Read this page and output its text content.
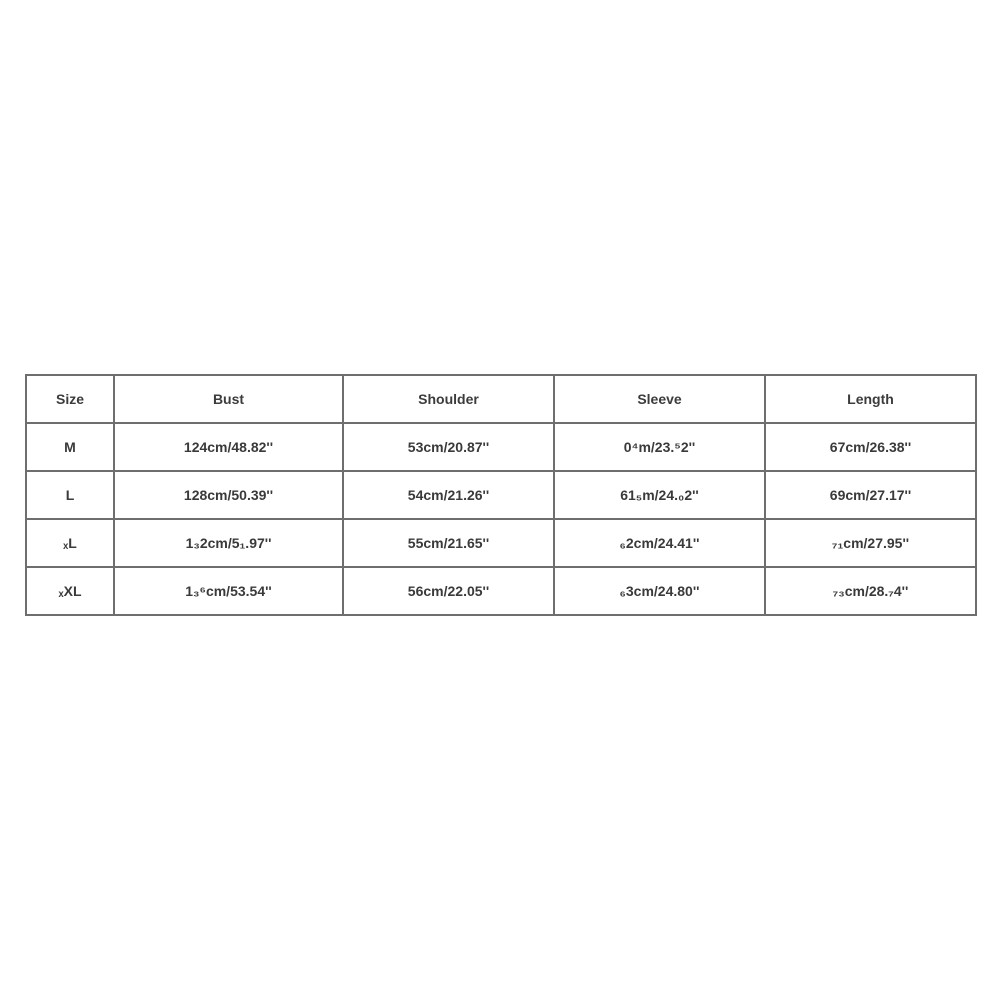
Size	Bust	Shoulder	Sleeve	Length
M	124cm/48.82''	53cm/20.87''	0⁴m/23.⁵2''	67cm/26.38''
L	128cm/50.39''	54cm/21.26''	61₅m/24.₀2''	69cm/27.17''
ₓL	1₃2cm/5₁.97''	55cm/21.65''	₆2cm/24.41''	₇₁cm/27.95''
ₓXL	1₃⁶cm/53.54''	56cm/22.05''	₆3cm/24.80''	₇₃cm/28.₇4''
